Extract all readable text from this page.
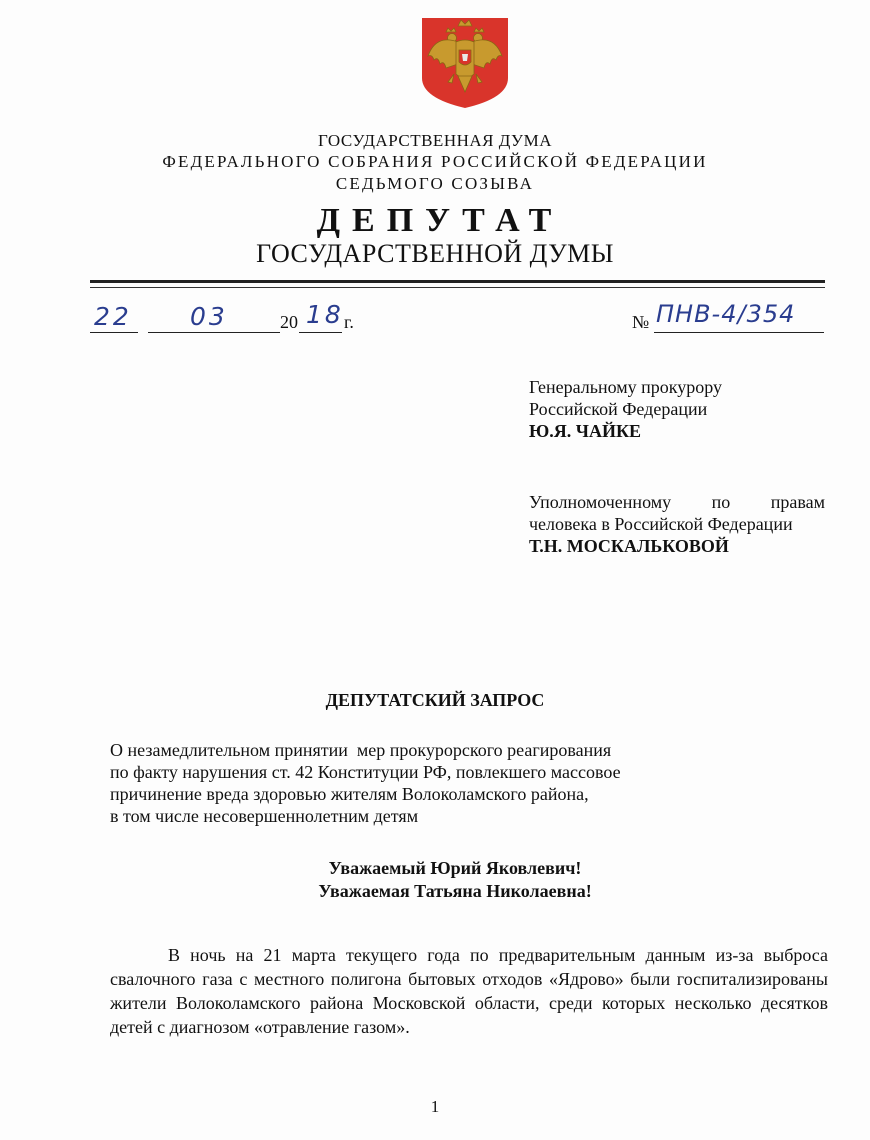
ГОСУДАРСТВЕННАЯ ДУМА
ФЕДЕРАЛЬНОГО СОБРАНИЯ РОССИЙСКОЙ ФЕДЕРАЦИИ
СЕДЬМОГО СОЗЫВА
ДЕПУТАТ
ГОСУДАРСТВЕННОЙ ДУМЫ
22 03	20 18 г.	№ ПНВ-4/354
Генеральному прокурору
Российской Федерации
Ю.Я. ЧАЙКЕ
Уполномоченному по правам
человека в Российской Федерации
Т.Н. МОСКАЛЬКОВОЙ
ДЕПУТАТСКИЙ ЗАПРОС
О незамедлительном принятии  мер прокурорского реагирования
по факту нарушения ст. 42 Конституции РФ, повлекшего массовое
причинение вреда здоровью жителям Волоколамского района,
в том числе несовершеннолетним детям
Уважаемый Юрий Яковлевич!
Уважаемая Татьяна Николаевна!
В ночь на 21 марта текущего года по предварительным данным из-за выброса свалочного газа с местного полигона бытовых отходов «Ядрово» были госпитализированы жители Волоколамского района Московской области, среди которых несколько десятков детей с диагнозом «отравление газом».
1
